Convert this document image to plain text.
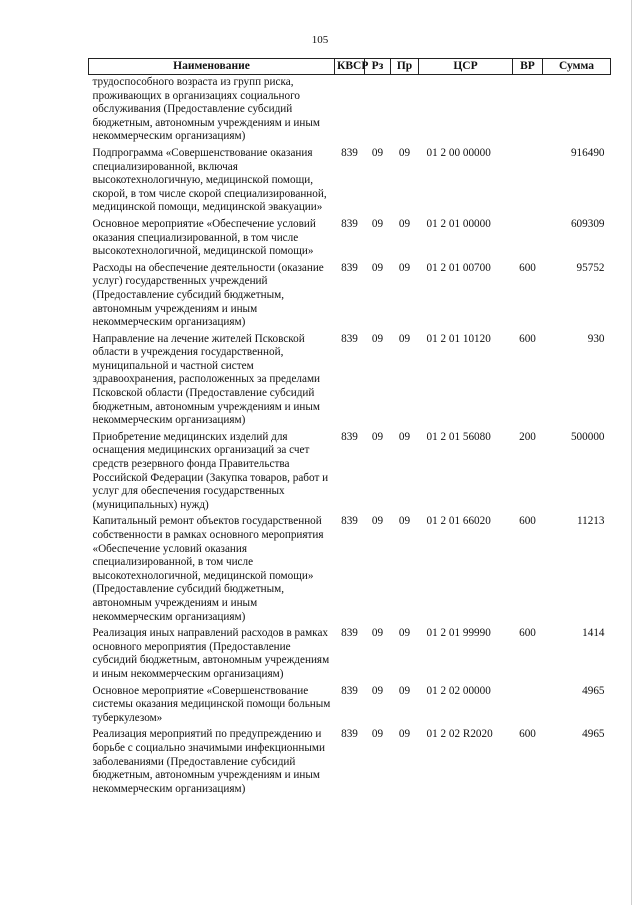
105
Наименование	КВСР	Рз	Пр	ЦСР	ВР	Сумма
трудоспособного возраста из групп риска, проживающих в организациях социального обслуживания (Предоставление субсидий бюджетным, автономным учреждениям и иным некоммерческим организациям)						
Подпрограмма «Совершенствование оказания специализированной, включая высокотехнологичную, медицинской помощи, скорой, в том числе скорой специализированной, медицинской помощи, медицинской эвакуации»	839	09	09	01 2 00 00000		916490
Основное мероприятие «Обеспечение условий оказания специализированной, в том числе высокотехнологичной, медицинской помощи»	839	09	09	01 2 01 00000		609309
Расходы на обеспечение деятельности (оказание услуг) государственных учреждений (Предоставление субсидий бюджетным, автономным учреждениям и иным некоммерческим организациям)	839	09	09	01 2 01 00700	600	95752
Направление на лечение жителей Псковской области в учреждения государственной, муниципальной и частной систем здравоохранения, расположенных за пределами Псковской области (Предоставление субсидий бюджетным, автономным учреждениям и иным некоммерческим организациям)	839	09	09	01 2 01 10120	600	930
Приобретение медицинских изделий для оснащения медицинских организаций за счет средств резервного фонда Правительства Российской Федерации (Закупка товаров, работ и услуг для обеспечения государственных (муниципальных) нужд)	839	09	09	01 2 01 56080	200	500000
Капитальный ремонт объектов государственной собственности в рамках основного мероприятия «Обеспечение условий оказания специализированной, в том числе высокотехнологичной, медицинской помощи» (Предоставление субсидий бюджетным, автономным учреждениям и иным некоммерческим организациям)	839	09	09	01 2 01 66020	600	11213
Реализация иных направлений расходов в рамках основного мероприятия (Предоставление субсидий бюджетным, автономным учреждениям и иным некоммерческим организациям)	839	09	09	01 2 01 99990	600	1414
Основное мероприятие «Совершенствование системы оказания медицинской помощи больным туберкулезом»	839	09	09	01 2 02 00000		4965
Реализация мероприятий по предупреждению и борьбе с социально значимыми инфекционными заболеваниями (Предоставление субсидий бюджетным, автономным учреждениям и иным некоммерческим организациям)	839	09	09	01 2 02 R2020	600	4965
